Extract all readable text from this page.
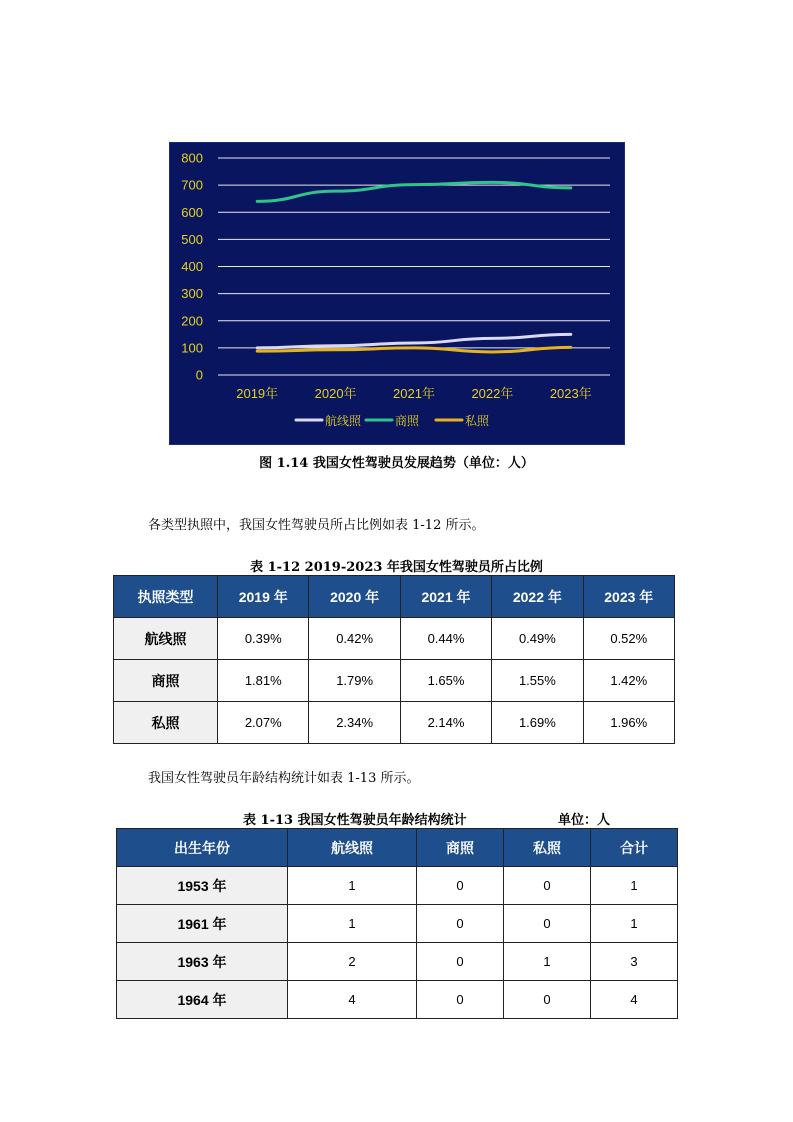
0
100
200
300
400
500
600
700
800
2019年	2020年	2021年	2022年	2023年
航线照	商照	私照
图 1.14 我国女性驾驶员发展趋势（单位：人）
各类型执照中，我国女性驾驶员所占比例如表 1-12 所示。
表 1-12 2019-2023 年我国女性驾驶员所占比例
执照类型	2019 年	2020 年	2021 年	2022 年	2023 年
航线照	0.39%	0.42%	0.44%	0.49%	0.52%
商照	1.81%	1.79%	1.65%	1.55%	1.42%
私照	2.07%	2.34%	2.14%	1.69%	1.96%
我国女性驾驶员年龄结构统计如表 1-13 所示。
表 1-13 我国女性驾驶员年龄结构统计	单位：人
出生年份	航线照	商照	私照	合计
1953 年	1	0	0	1
1961 年	1	0	0	1
1963 年	2	0	1	3
1964 年	4	0	0	4
